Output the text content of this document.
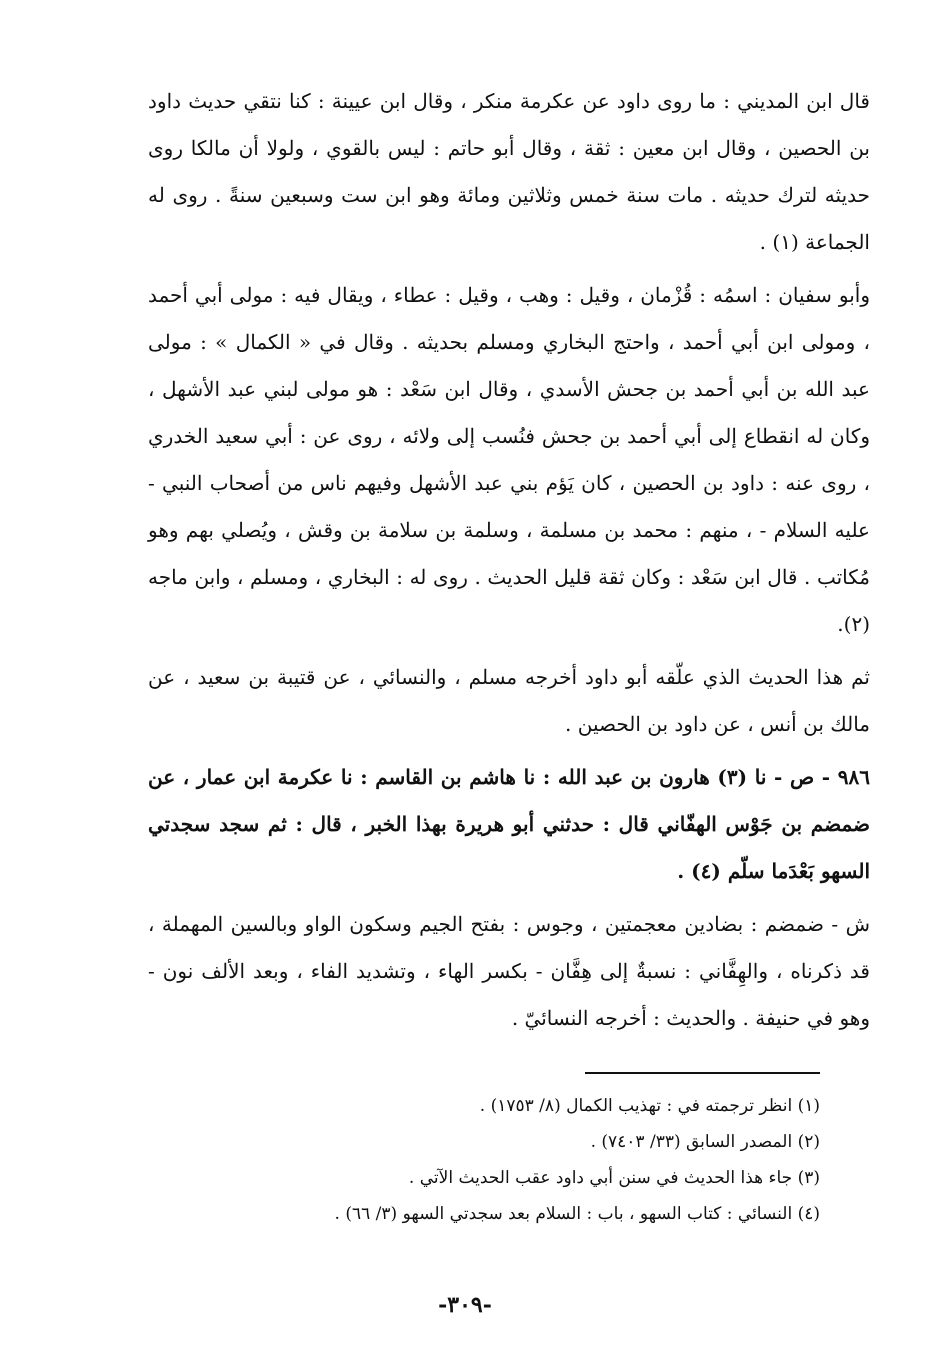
قال ابن المديني : ما روى داود عن عكرمة منكر ، وقال ابن عيينة : كنا نتقي حديث داود بن الحصين ، وقال ابن معين : ثقة ، وقال أبو حاتم : ليس بالقوي ، ولولا أن مالكا روى حديثه لترك حديثه . مات سنة خمس وثلاثين ومائة وهو ابن ست وسبعين سنةً . روى له الجماعة (١) .

وأبو سفيان : اسمُه : قُزْمان ، وقيل : وهب ، وقيل : عطاء ، ويقال فيه : مولى أبي أحمد ، ومولى ابن أبي أحمد ، واحتج البخاري ومسلم بحديثه . وقال في « الكمال » : مولى عبد الله بن أبي أحمد بن جحش الأسدي ، وقال ابن سَعْد : هو مولى لبني عبد الأشهل ، وكان له انقطاع إلى أبي أحمد بن جحش فنُسب إلى ولائه ، روى عن : أبي سعيد الخدري ، روى عنه : داود بن الحصين ، كان يَؤم بني عبد الأشهل وفيهم ناس من أصحاب النبي - عليه السلام - ، منهم : محمد بن مسلمة ، وسلمة بن سلامة بن وقش ، ويُصلي بهم وهو مُكاتب . قال ابن سَعْد : وكان ثقة قليل الحديث . روى له : البخاري ، ومسلم ، وابن ماجه (٢).

ثم هذا الحديث الذي علّقه أبو داود أخرجه مسلم ، والنسائي ، عن قتيبة بن سعيد ، عن مالك بن أنس ، عن داود بن الحصين .

٩٨٦ - ص - نا (٣) هارون بن عبد الله : نا هاشم بن القاسم : نا عكرمة ابن عمار ، عن ضمضم بن جَوْس الهفّاني قال : حدثني أبو هريرة بهذا الخبر ، قال : ثم سجد سجدتي السهو بَعْدَما سلّم (٤) .

ش - ضمضم : بضادين معجمتين ، وجوس : بفتح الجيم وسكون الواو وبالسين المهملة ، قد ذكرناه ، والهِفَّاني : نسبةٌ إلى هِفَّان - بكسر الهاء ، وتشديد الفاء ، وبعد الألف نون - وهو في حنيفة . والحديث : أخرجه النسائيّ .

(١) انظر ترجمته في : تهذيب الكمال (٨/ ١٧٥٣) .

(٢) المصدر السابق (٣٣/ ٧٤٠٣) .

(٣) جاء هذا الحديث في سنن أبي داود عقب الحديث الآتي .

(٤) النسائي : كتاب السهو ، باب : السلام بعد سجدتي السهو (٣/ ٦٦) .

-٣٠٩-
